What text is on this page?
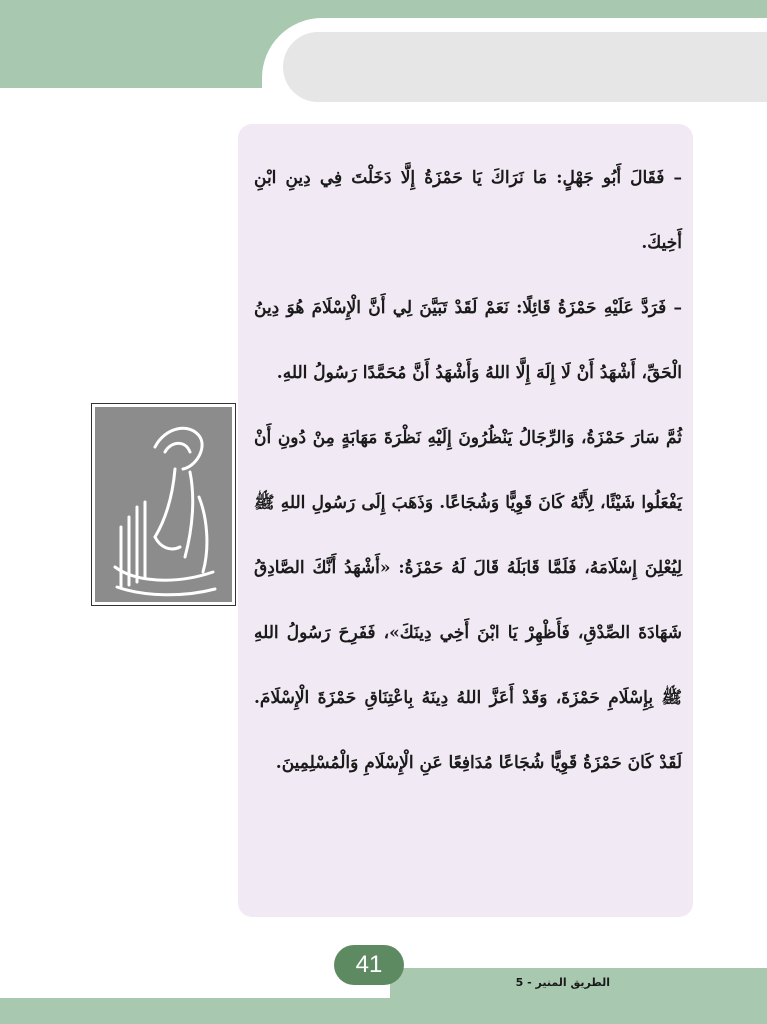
– فَقَالَ أَبُو جَهْلٍ: مَا نَرَاكَ يَا حَمْزَةُ إِلَّا دَخَلْتَ فِي دِينِ ابْنِ أَخِيكَ.

– فَرَدَّ عَلَيْهِ حَمْزَةُ قَائِلًا: نَعَمْ لَقَدْ تَبَيَّنَ لِي أَنَّ الْإِسْلَامَ هُوَ دِينُ الْحَقِّ، أَشْهَدُ أَنْ لَا إِلَهَ إِلَّا اللهُ وَأَشْهَدُ أَنَّ مُحَمَّدًا رَسُولُ اللهِ.

ثُمَّ سَارَ حَمْزَةُ، وَالرِّجَالُ يَنْظُرُونَ إِلَيْهِ نَظْرَةَ مَهَابَةٍ مِنْ دُونِ أَنْ يَفْعَلُوا شَيْئًا، لِأَنَّهُ كَانَ قَوِيًّا وَشُجَاعًا. وَذَهَبَ إِلَى رَسُولِ اللهِ ﷺ لِيُعْلِنَ إِسْلَامَهُ، فَلَمَّا قَابَلَهُ قَالَ لَهُ حَمْزَةُ: «أَشْهَدُ أَنَّكَ الصَّادِقُ شَهَادَةَ الصِّدْقِ، فَأَظْهِرْ يَا ابْنَ أَخِي دِينَكَ»، فَفَرِحَ رَسُولُ اللهِ ﷺ بِإِسْلَامِ حَمْزَةَ، وَقَدْ أَعَزَّ اللهُ دِينَهُ بِاعْتِنَاقِ حَمْزَةَ الْإِسْلَامَ. لَقَدْ كَانَ حَمْزَةُ قَوِيًّا شُجَاعًا مُدَافِعًا عَنِ الْإِسْلَامِ وَالْمُسْلِمِينَ.

41
الطريق المنير - 5
